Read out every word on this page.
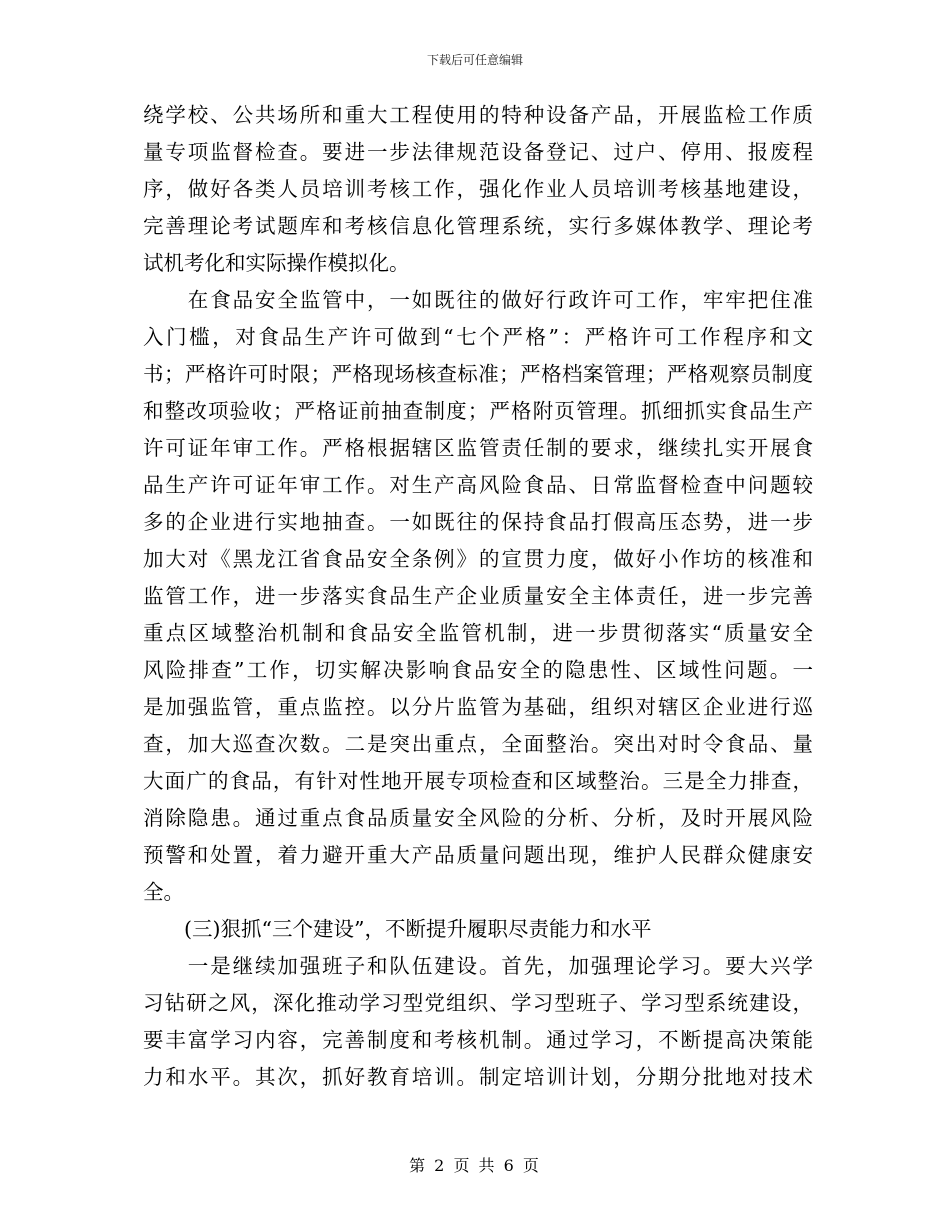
下载后可任意编辑
绕学校、公共场所和重大工程使用的特种设备产品，开展监检工作质
量专项监督检查。要进一步法律规范设备登记、过户、停用、报废程
序，做好各类人员培训考核工作，强化作业人员培训考核基地建设，
完善理论考试题库和考核信息化管理系统，实行多媒体教学、理论考
试机考化和实际操作模拟化。
　　在食品安全监管中，一如既往的做好行政许可工作，牢牢把住准
入门槛，对食品生产许可做到“七个严格”：严格许可工作程序和文
书；严格许可时限；严格现场核查标准；严格档案管理；严格观察员制度
和整改项验收；严格证前抽查制度；严格附页管理。抓细抓实食品生产
许可证年审工作。严格根据辖区监管责任制的要求，继续扎实开展食
品生产许可证年审工作。对生产高风险食品、日常监督检查中问题较
多的企业进行实地抽查。一如既往的保持食品打假高压态势，进一步
加大对《黑龙江省食品安全条例》的宣贯力度，做好小作坊的核准和
监管工作，进一步落实食品生产企业质量安全主体责任，进一步完善
重点区域整治机制和食品安全监管机制，进一步贯彻落实“质量安全
风险排查”工作，切实解决影响食品安全的隐患性、区域性问题。一
是加强监管，重点监控。以分片监管为基础，组织对辖区企业进行巡
查，加大巡查次数。二是突出重点，全面整治。突出对时令食品、量
大面广的食品，有针对性地开展专项检查和区域整治。三是全力排查，
消除隐患。通过重点食品质量安全风险的分析、分析，及时开展风险
预警和处置，着力避开重大产品质量问题出现，维护人民群众健康安
全。
　　(三)狠抓“三个建设”，不断提升履职尽责能力和水平
　　一是继续加强班子和队伍建设。首先，加强理论学习。要大兴学
习钻研之风，深化推动学习型党组织、学习型班子、学习型系统建设，
要丰富学习内容，完善制度和考核机制。通过学习，不断提高决策能
力和水平。其次，抓好教育培训。制定培训计划，分期分批地对技术
第 2 页 共 6 页
